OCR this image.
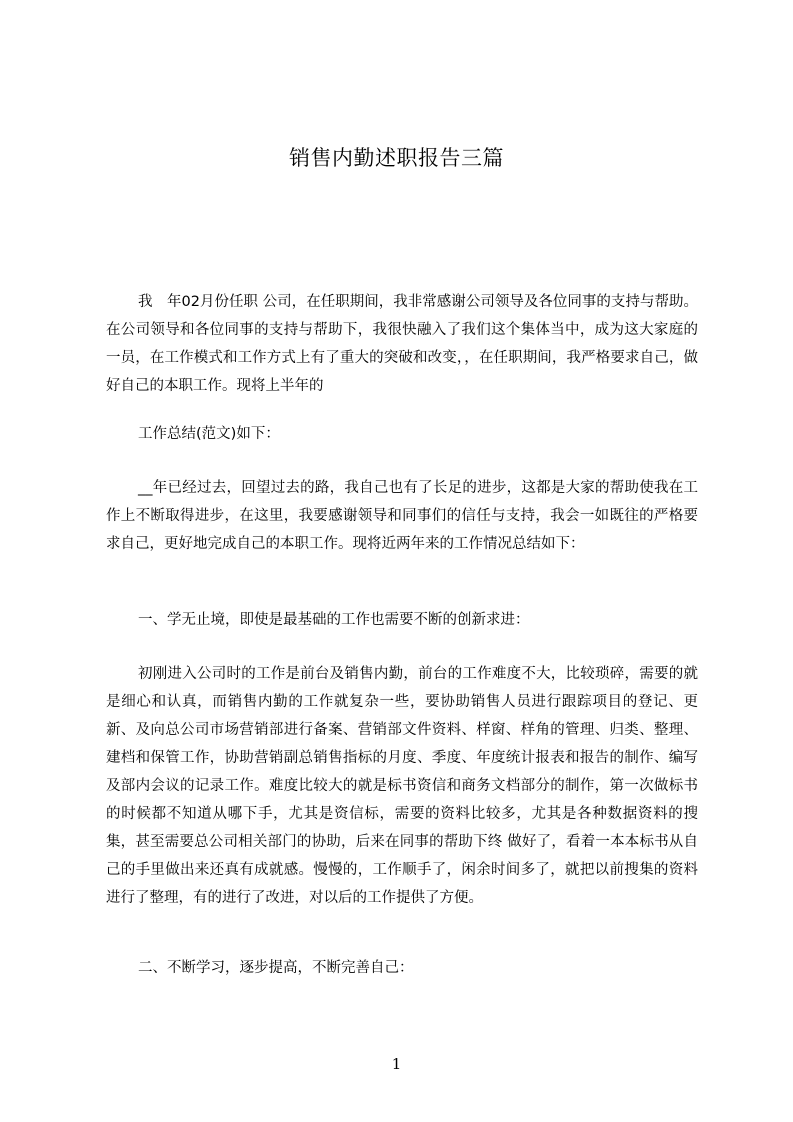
销售内勤述职报告三篇

我　年02月份任职 公司，在任职期间，我非常感谢公司领导及各位同事的支持与帮助。在公司领导和各位同事的支持与帮助下，我很快融入了我们这个集体当中，成为这大家庭的一员，在工作模式和工作方式上有了重大的突破和改变，，在任职期间，我严格要求自己，做好自己的本职工作。现将上半年的

工作总结(范文)如下：

__年已经过去，回望过去的路，我自己也有了长足的进步，这都是大家的帮助使我在工作上不断取得进步，在这里，我要感谢领导和同事们的信任与支持，我会一如既往的严格要求自己，更好地完成自己的本职工作。现将近两年来的工作情况总结如下：

一、学无止境，即使是最基础的工作也需要不断的创新求进：

初刚进入公司时的工作是前台及销售内勤，前台的工作难度不大，比较琐碎，需要的就是细心和认真，而销售内勤的工作就复杂一些，要协助销售人员进行跟踪项目的登记、更新、及向总公司市场营销部进行备案、营销部文件资料、样窗、样角的管理、归类、整理、建档和保管工作，协助营销副总销售指标的月度、季度、年度统计报表和报告的制作、编写及部内会议的记录工作。难度比较大的就是标书资信和商务文档部分的制作，第一次做标书的时候都不知道从哪下手，尤其是资信标，需要的资料比较多，尤其是各种数据资料的搜集，甚至需要总公司相关部门的协助，后来在同事的帮助下终 做好了，看着一本本标书从自己的手里做出来还真有成就感。慢慢的，工作顺手了，闲余时间多了，就把以前搜集的资料进行了整理，有的进行了改进，对以后的工作提供了方便。

二、不断学习，逐步提高，不断完善自己：

1
